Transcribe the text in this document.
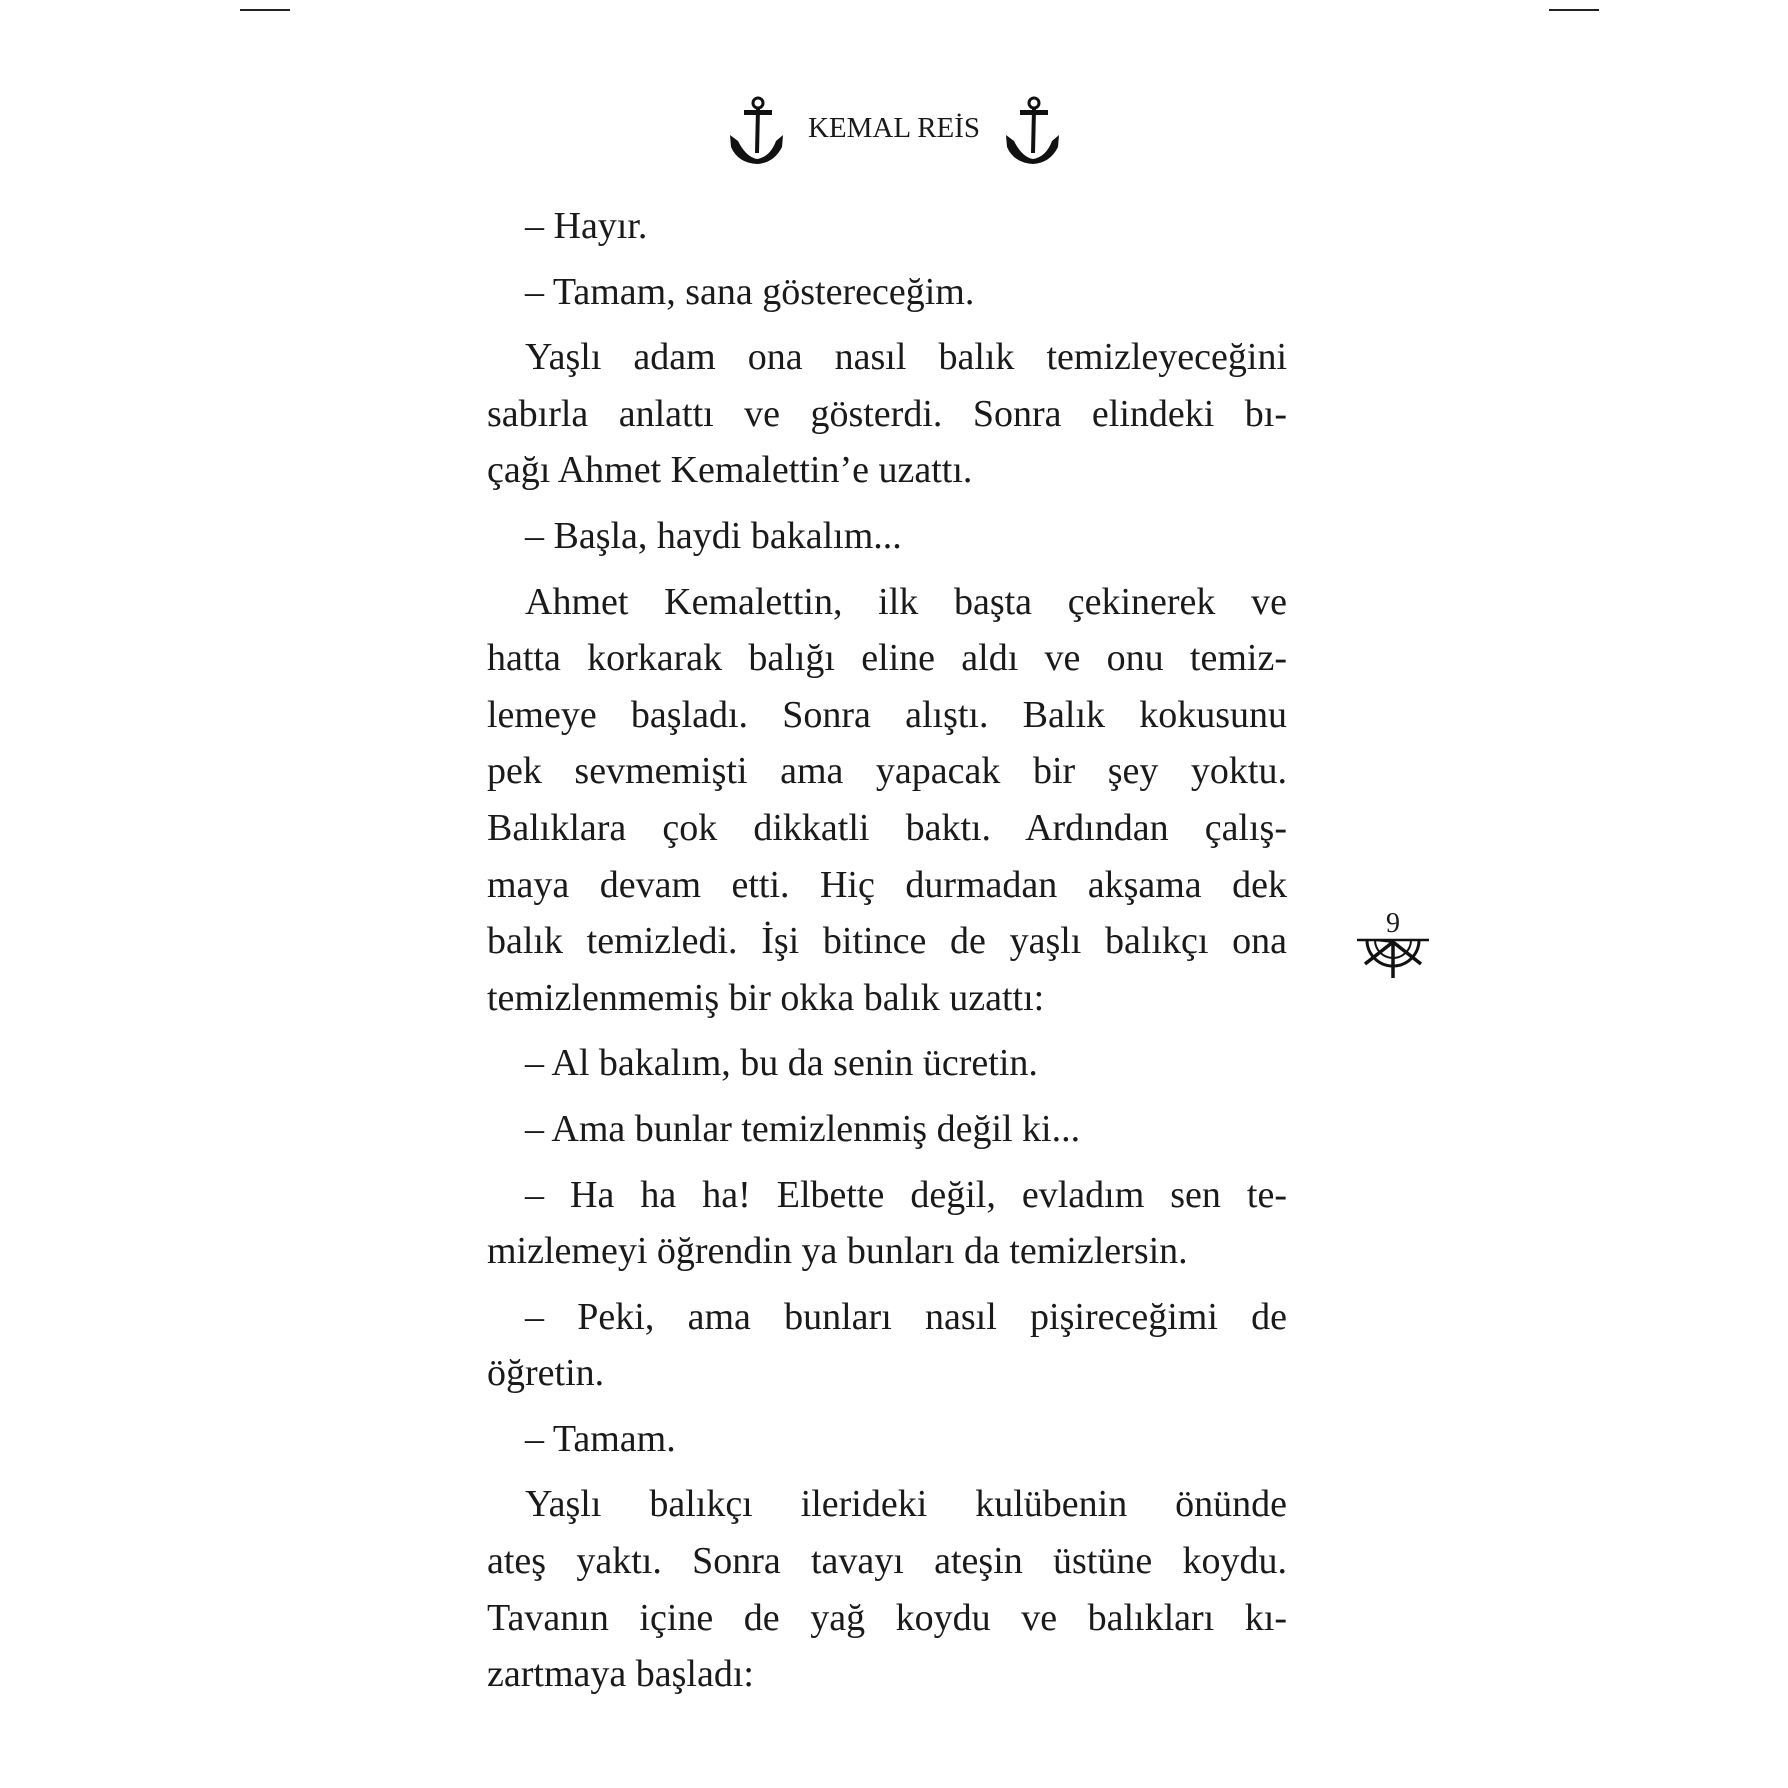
KEMAL REİS
– Hayır.
– Tamam, sana göstereceğim.
Yaşlı adam ona nasıl balık temizleyeceğini
sabırla anlattı ve gösterdi. Sonra elindeki bı-
çağı Ahmet Kemalettin’e uzattı.
– Başla, haydi bakalım...
Ahmet Kemalettin, ilk başta çekinerek ve
hatta korkarak balığı eline aldı ve onu temiz-
lemeye başladı. Sonra alıştı. Balık kokusunu
pek sevmemişti ama yapacak bir şey yoktu.
Balıklara çok dikkatli baktı. Ardından çalış-
maya devam etti. Hiç durmadan akşama dek
balık temizledi. İşi bitince de yaşlı balıkçı ona
temizlenmemiş bir okka balık uzattı:
– Al bakalım, bu da senin ücretin.
– Ama bunlar temizlenmiş değil ki...
– Ha ha ha! Elbette değil, evladım sen te-
mizlemeyi öğrendin ya bunları da temizlersin.
– Peki, ama bunları nasıl pişireceğimi de
öğretin.
– Tamam.
Yaşlı balıkçı ilerideki kulübenin önünde
ateş yaktı. Sonra tavayı ateşin üstüne koydu.
Tavanın içine de yağ koydu ve balıkları kı-
zartmaya başladı:
9
